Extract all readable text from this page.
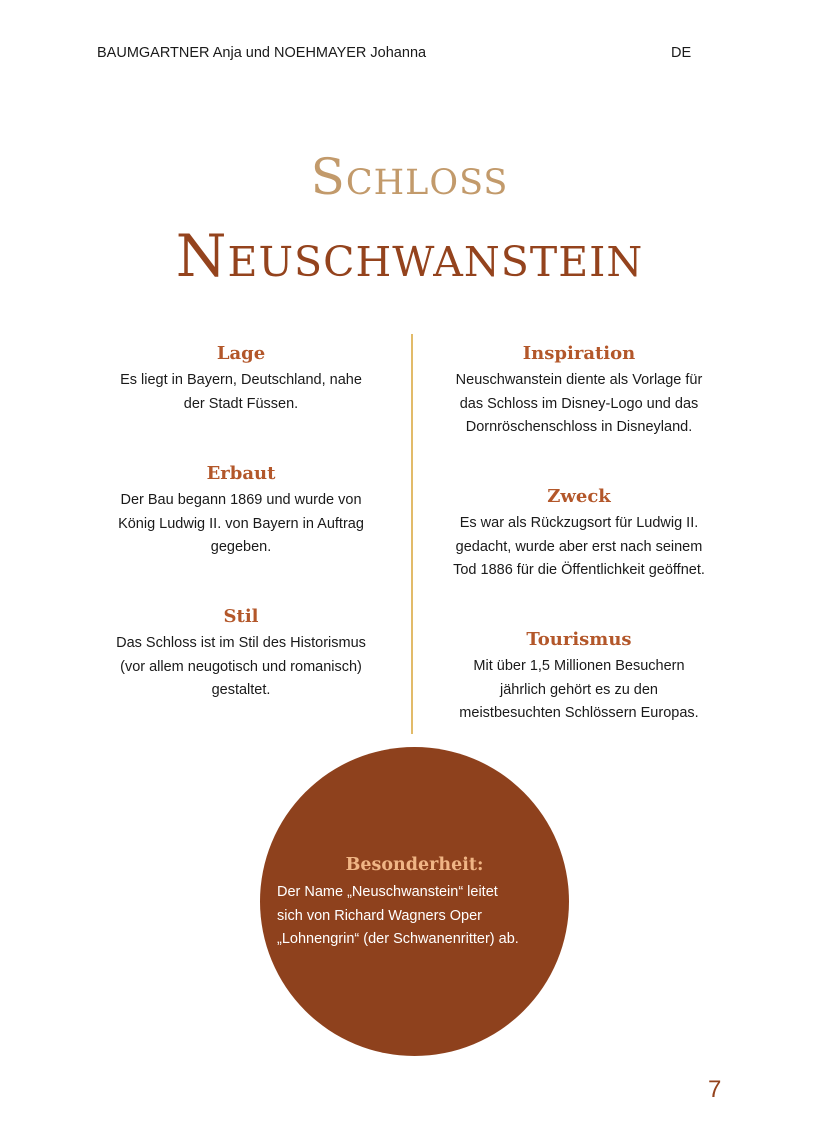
BAUMGARTNER Anja und NOEHMAYER Johanna	DE
Schloss
Neuschwanstein
Lage

Es liegt in Bayern, Deutschland, nahe
der Stadt Füssen.

Erbaut

Der Bau begann 1869 und wurde von
König Ludwig II. von Bayern in Auftrag
gegeben.

Stil

Das Schloss ist im Stil des Historismus
(vor allem neugotisch und romanisch)
gestaltet.

Inspiration

Neuschwanstein diente als Vorlage für
das Schloss im Disney-Logo und das
Dornröschenschloss in Disneyland.

Zweck

Es war als Rückzugsort für Ludwig II.
gedacht, wurde aber erst nach seinem
Tod 1886 für die Öffentlichkeit geöffnet.

Tourismus

Mit über 1,5 Millionen Besuchern
jährlich gehört es zu den
meistbesuchten Schlössern Europas.

Besonderheit:
Der Name „Neuschwanstein“ leitet
sich von Richard Wagners Oper
„Lohnengrin“ (der Schwanenritter) ab.
7
